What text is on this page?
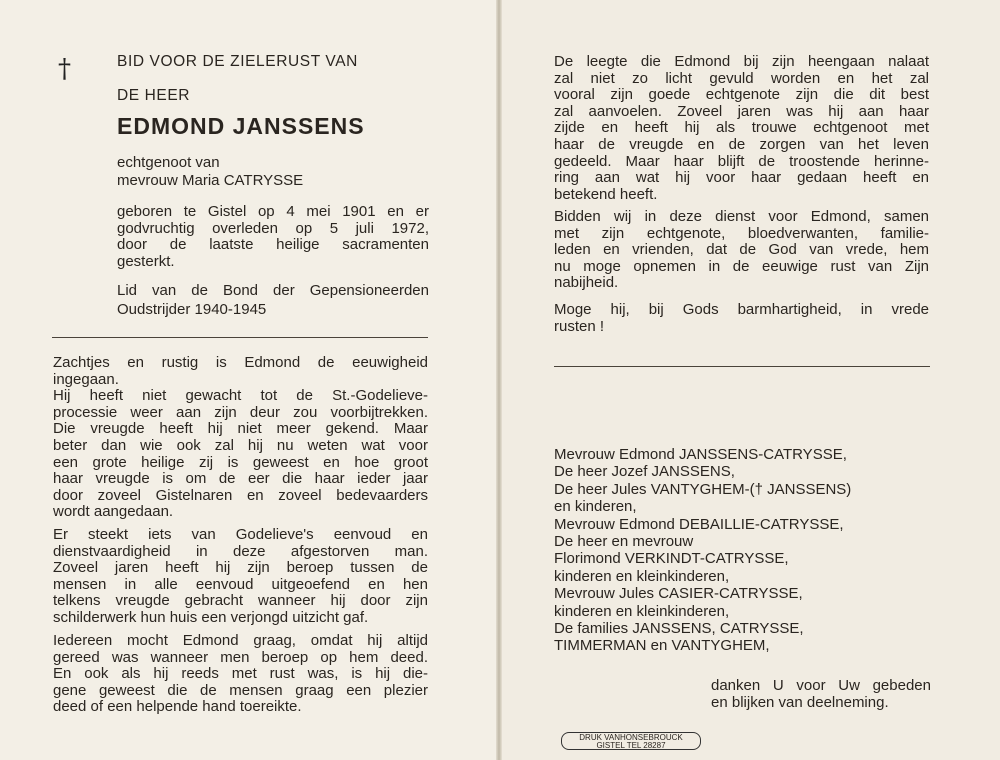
†	BID VOOR DE ZIELERUST VAN

DE HEER

EDMOND JANSSENS

echtgenoot van

mevrouw Maria CATRYSSE

geboren te Gistel op 4 mei 1901 en er
godvruchtig overleden op 5 juli 1972,
door de laatste heilige sacramenten
gesterkt.
Lid van de Bond der Gepensioneerden
Oudstrijder 1940-1945
Zachtjes en rustig is Edmond de eeuwigheid
ingegaan.
Hij heeft niet gewacht tot de St.-Godelieve-
processie weer aan zijn deur zou voorbijtrekken.
Die vreugde heeft hij niet meer gekend. Maar
beter dan wie ook zal hij nu weten wat voor
een grote heilige zij is geweest en hoe groot
haar vreugde is om de eer die haar ieder jaar
door zoveel Gistelnaren en zoveel bedevaarders
wordt aangedaan.
Er steekt iets van Godelieve's eenvoud en
dienstvaardigheid in deze afgestorven man.
Zoveel jaren heeft hij zijn beroep tussen de
mensen in alle eenvoud uitgeoefend en hen
telkens vreugde gebracht wanneer hij door zijn
schilderwerk hun huis een verjongd uitzicht gaf.
Iedereen mocht Edmond graag, omdat hij altijd
gereed was wanneer men beroep op hem deed.
En ook als hij reeds met rust was, is hij die-
gene geweest die de mensen graag een plezier
deed of een helpende hand toereikte.
De leegte die Edmond bij zijn heengaan nalaat
zal niet zo licht gevuld worden en het zal
vooral zijn goede echtgenote zijn die dit best
zal aanvoelen. Zoveel jaren was hij aan haar
zijde en heeft hij als trouwe echtgenoot met
haar de vreugde en de zorgen van het leven
gedeeld. Maar haar blijft de troostende herinne-
ring aan wat hij voor haar gedaan heeft en
betekend heeft.
Bidden wij in deze dienst voor Edmond, samen
met zijn echtgenote, bloedverwanten, familie-
leden en vrienden, dat de God van vrede, hem
nu moge opnemen in de eeuwige rust van Zijn
nabijheid.
Moge hij, bij Gods barmhartigheid, in vrede
rusten !
Mevrouw Edmond JANSSENS-CATRYSSE,
De heer Jozef JANSSENS,
De heer Jules VANTYGHEM-(† JANSSENS)
en kinderen,
Mevrouw Edmond DEBAILLIE-CATRYSSE,
De heer en mevrouw
Florimond VERKINDT-CATRYSSE,
kinderen en kleinkinderen,
Mevrouw Jules CASIER-CATRYSSE,
kinderen en kleinkinderen,
De families JANSSENS, CATRYSSE,
TIMMERMAN en VANTYGHEM,
danken U voor Uw gebeden
en blijken van deelneming.
DRUK VANHONSEBROUCK
GISTEL TEL 28287
